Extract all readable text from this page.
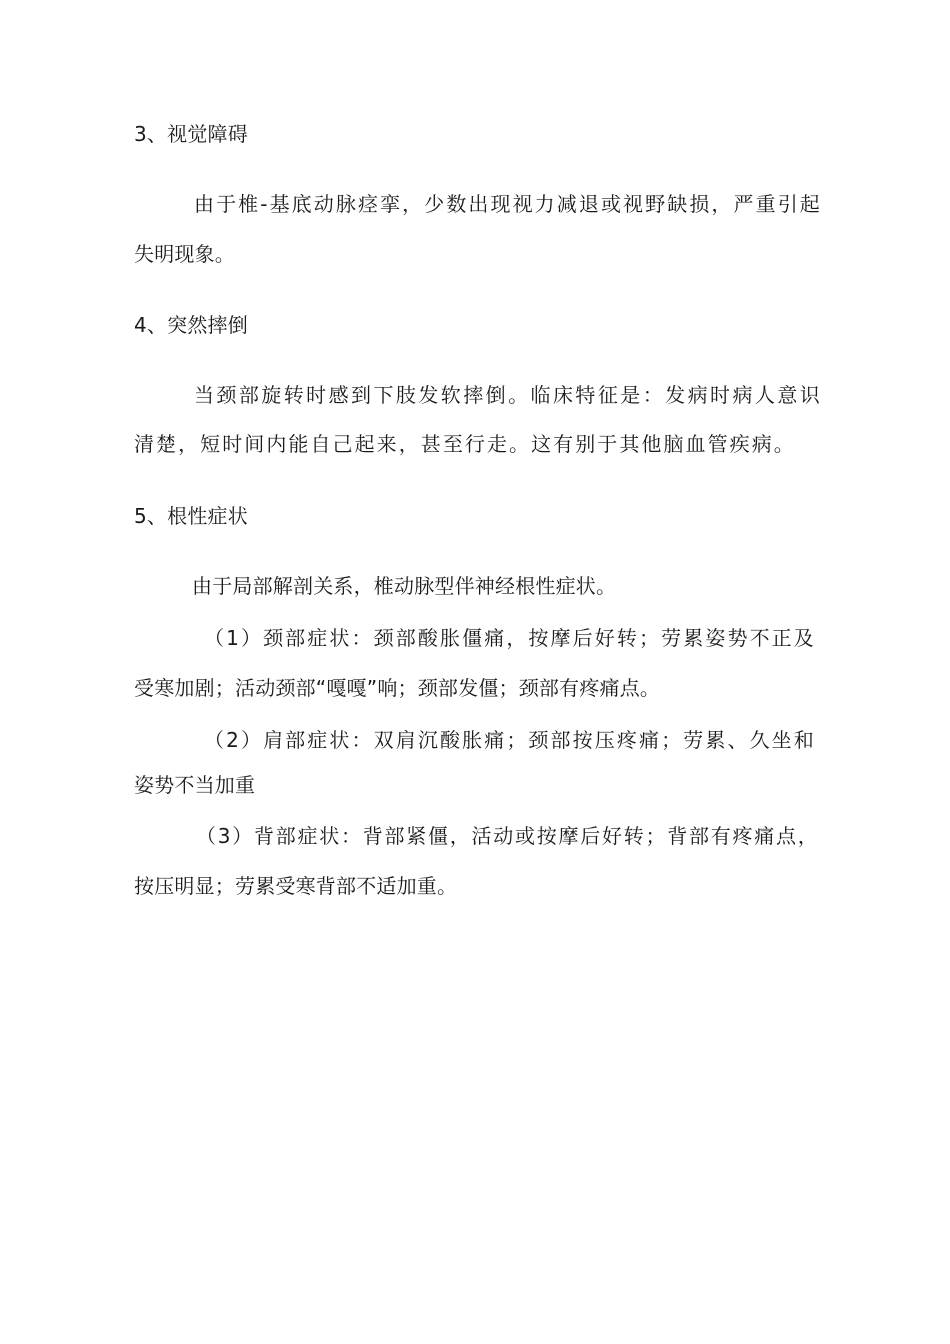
3、视觉障碍
由于椎-基底动脉痉挛，少数出现视力减退或视野缺损，严重引起
失明现象。
4、突然摔倒
当颈部旋转时感到下肢发软摔倒。临床特征是：发病时病人意识
清楚，短时间内能自己起来，甚至行走。这有别于其他脑血管疾病。
5、根性症状
由于局部解剖关系，椎动脉型伴神经根性症状。
（1）颈部症状：颈部酸胀僵痛，按摩后好转；劳累姿势不正及
受寒加剧；活动颈部“嘎嘎”响；颈部发僵；颈部有疼痛点。
（2）肩部症状：双肩沉酸胀痛；颈部按压疼痛；劳累、久坐和
姿势不当加重
（3）背部症状：背部紧僵，活动或按摩后好转；背部有疼痛点，
按压明显；劳累受寒背部不适加重。
